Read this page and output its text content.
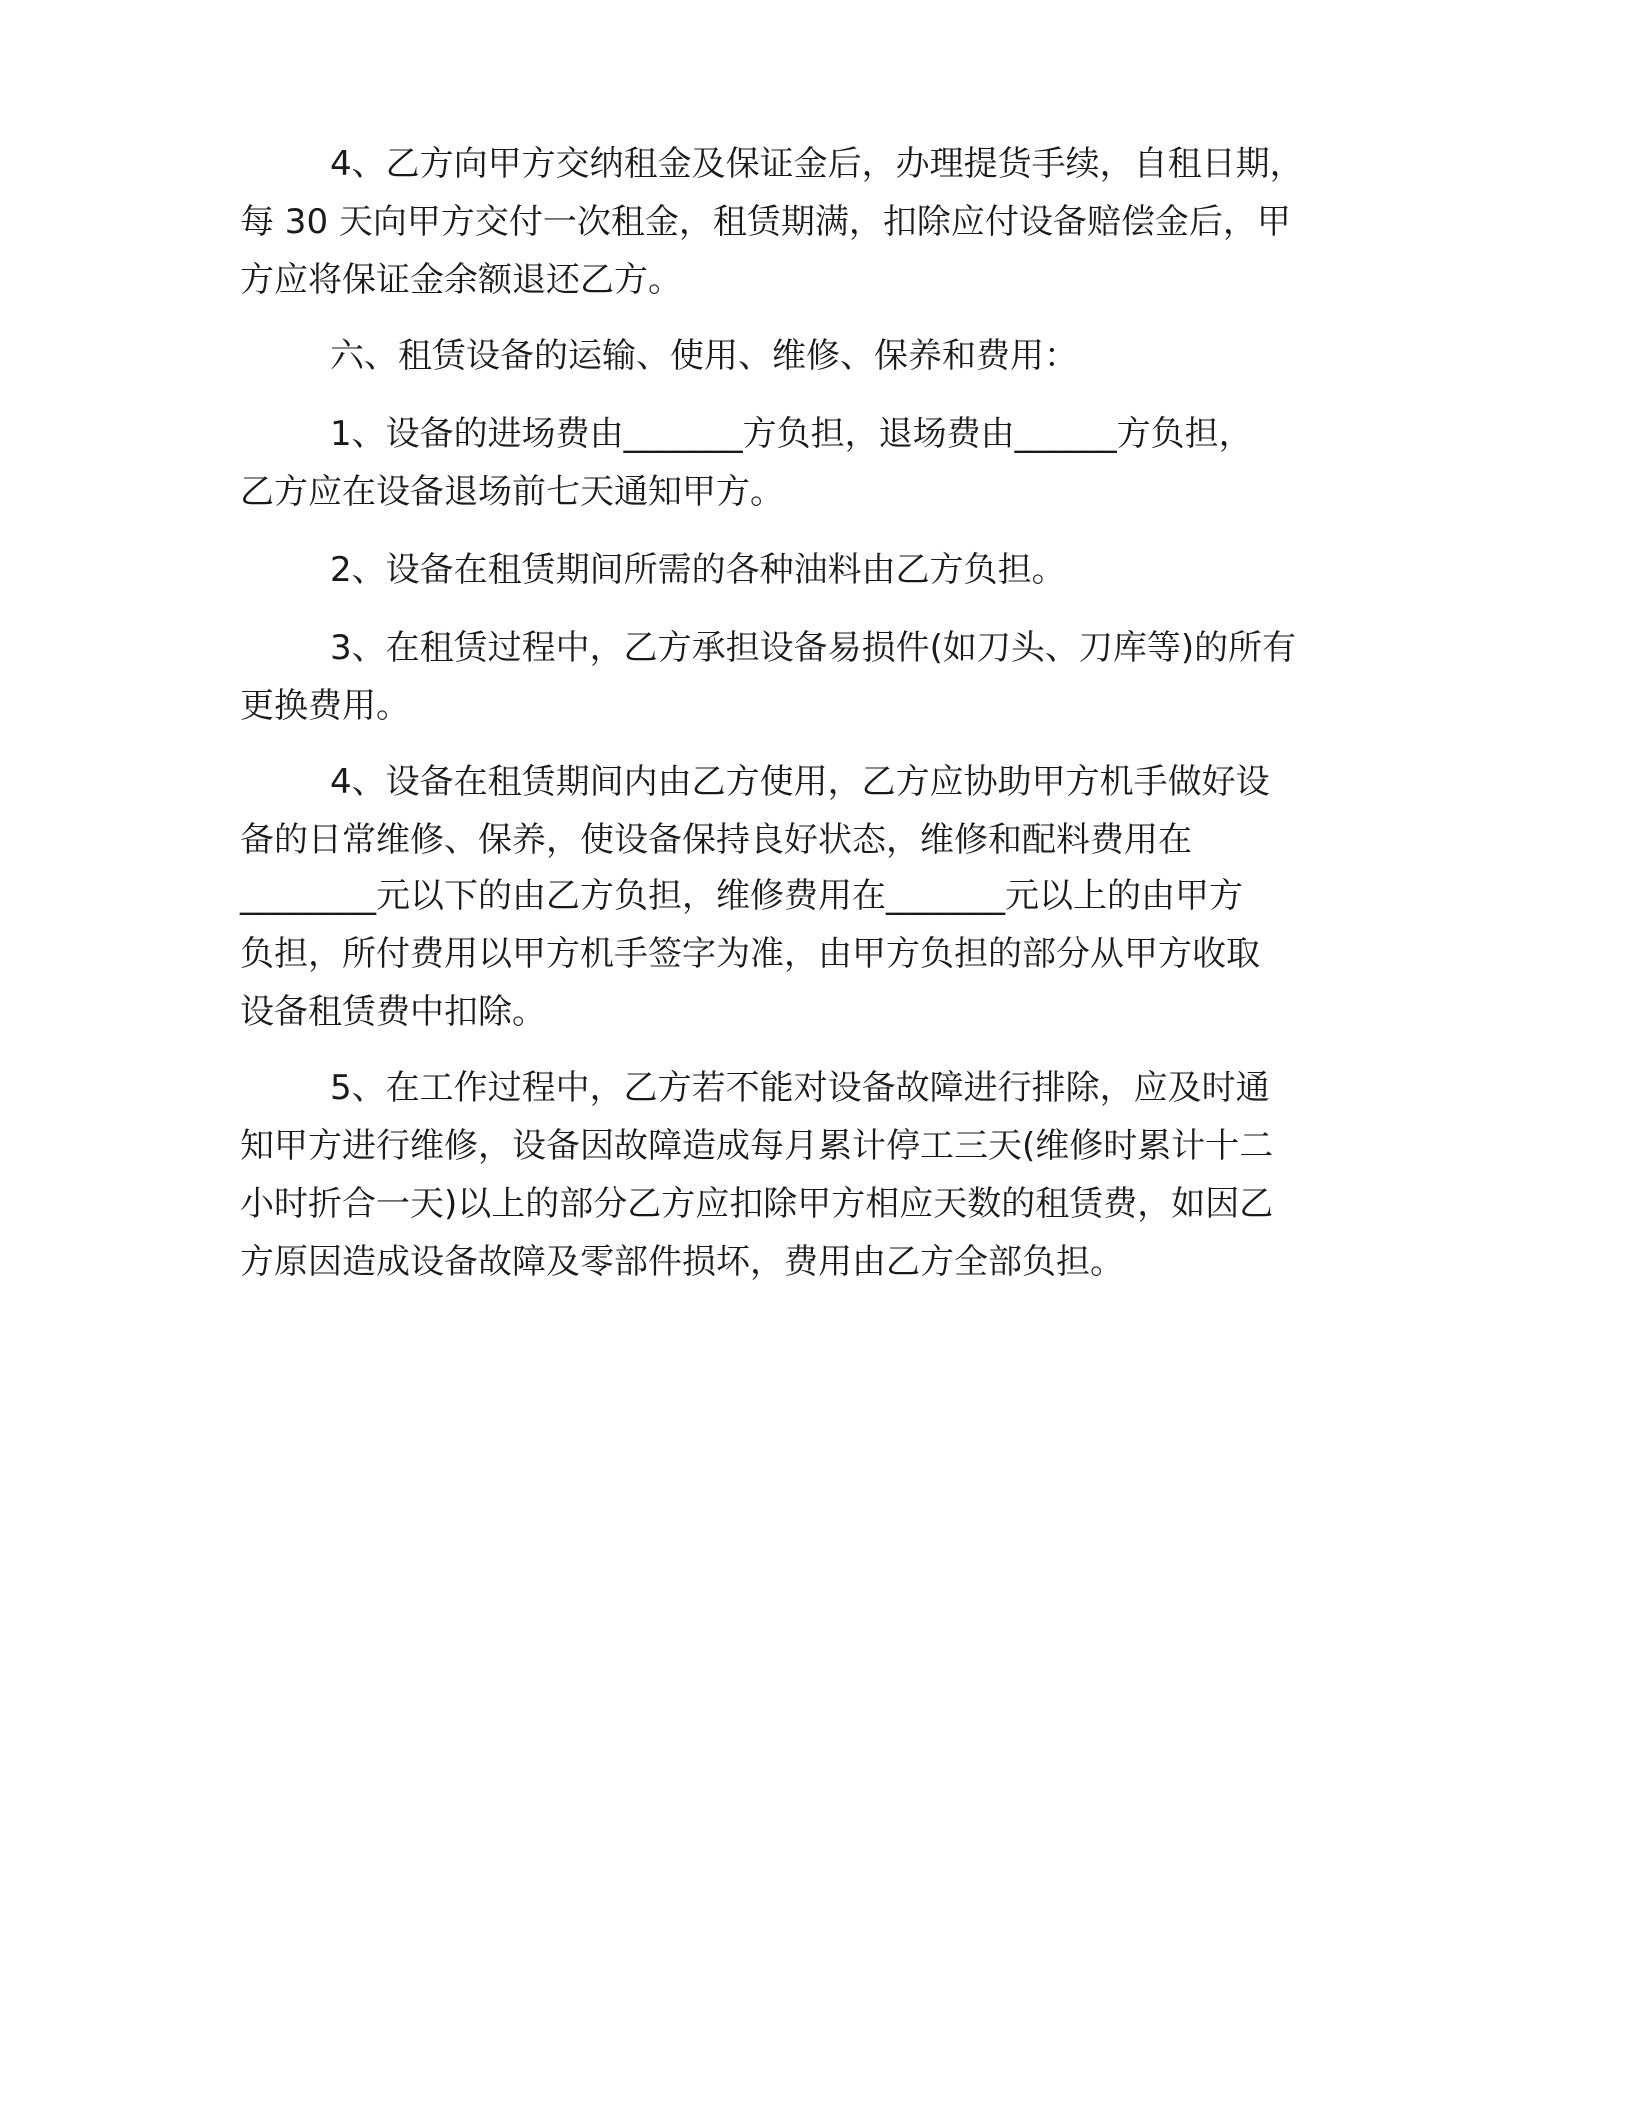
4、乙方向甲方交纳租金及保证金后，办理提货手续，自租日期，

每 30 天向甲方交付一次租金，租赁期满，扣除应付设备赔偿金后，甲

方应将保证金余额退还乙方。

六、租赁设备的运输、使用、维修、保养和费用：

1、设备的进场费由_______方负担，退场费由______方负担，

乙方应在设备退场前七天通知甲方。

2、设备在租赁期间所需的各种油料由乙方负担。

3、在租赁过程中，乙方承担设备易损件(如刀头、刀库等)的所有

更换费用。

4、设备在租赁期间内由乙方使用，乙方应协助甲方机手做好设

备的日常维修、保养，使设备保持良好状态，维修和配料费用在

________元以下的由乙方负担，维修费用在_______元以上的由甲方

负担，所付费用以甲方机手签字为准，由甲方负担的部分从甲方收取

设备租赁费中扣除。

5、在工作过程中，乙方若不能对设备故障进行排除，应及时通

知甲方进行维修，设备因故障造成每月累计停工三天(维修时累计十二

小时折合一天)以上的部分乙方应扣除甲方相应天数的租赁费，如因乙

方原因造成设备故障及零部件损坏，费用由乙方全部负担。
